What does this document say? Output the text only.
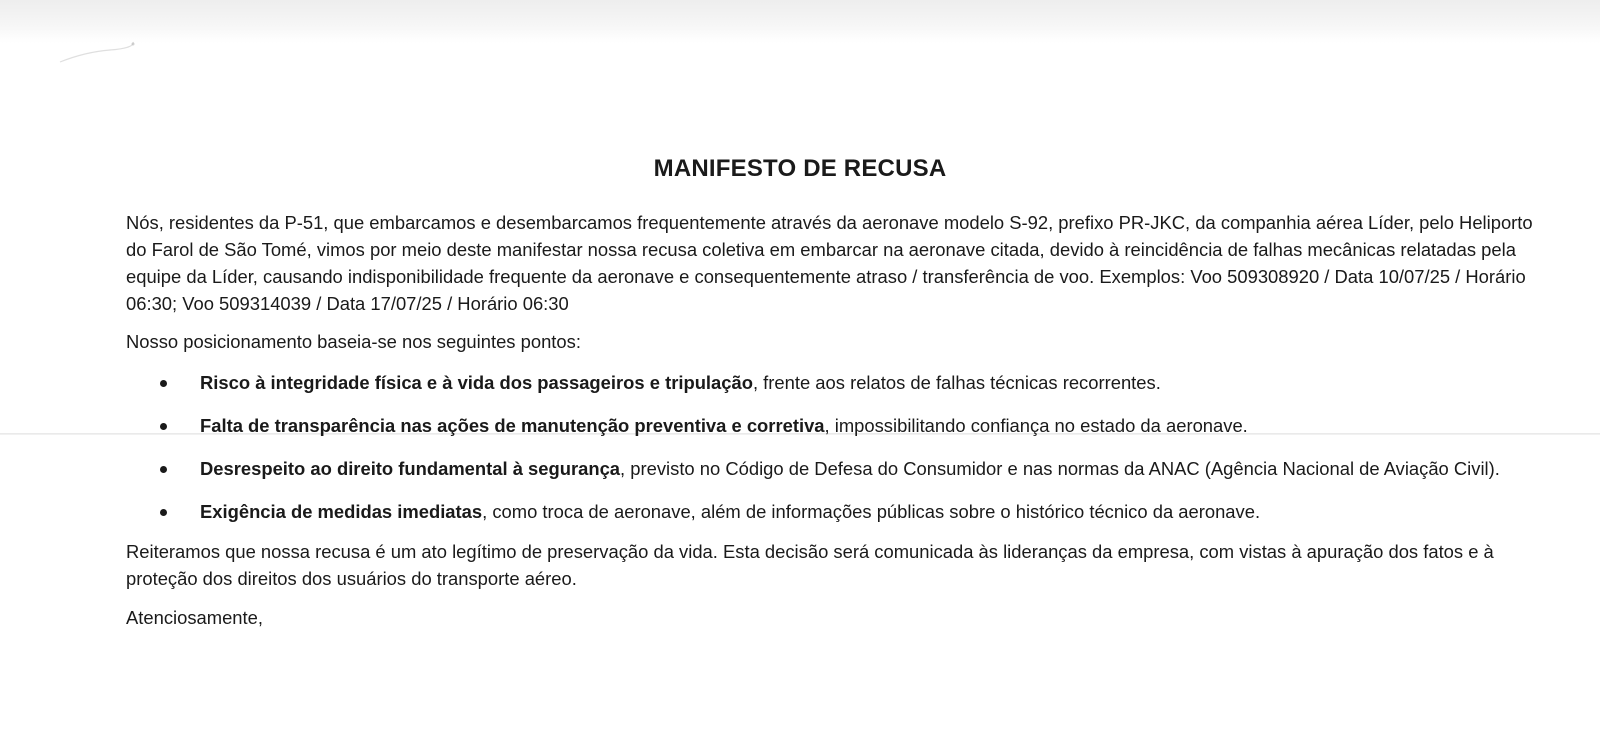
MANIFESTO DE RECUSA

Nós, residentes da P-51, que embarcamos e desembarcamos frequentemente através da aeronave modelo S-92, prefixo PR-JKC, da companhia aérea Líder, pelo Heliporto do Farol de São Tomé, vimos por meio deste manifestar nossa recusa coletiva em embarcar na aeronave citada, devido à reincidência de falhas mecânicas relatadas pela equipe da Líder, causando indisponibilidade frequente da aeronave e consequentemente atraso / transferência de voo. Exemplos: Voo 509308920 / Data 10/07/25 / Horário 06:30; Voo 509314039 / Data 17/07/25 / Horário 06:30

Nosso posicionamento baseia-se nos seguintes pontos:

Risco à integridade física e à vida dos passageiros e tripulação, frente aos relatos de falhas técnicas recorrentes.
Falta de transparência nas ações de manutenção preventiva e corretiva, impossibilitando confiança no estado da aeronave.
Desrespeito ao direito fundamental à segurança, previsto no Código de Defesa do Consumidor e nas normas da ANAC (Agência Nacional de Aviação Civil).
Exigência de medidas imediatas, como troca de aeronave, além de informações públicas sobre o histórico técnico da aeronave.

Reiteramos que nossa recusa é um ato legítimo de preservação da vida. Esta decisão será comunicada às lideranças da empresa, com vistas à apuração dos fatos e à proteção dos direitos dos usuários do transporte aéreo.

Atenciosamente,
